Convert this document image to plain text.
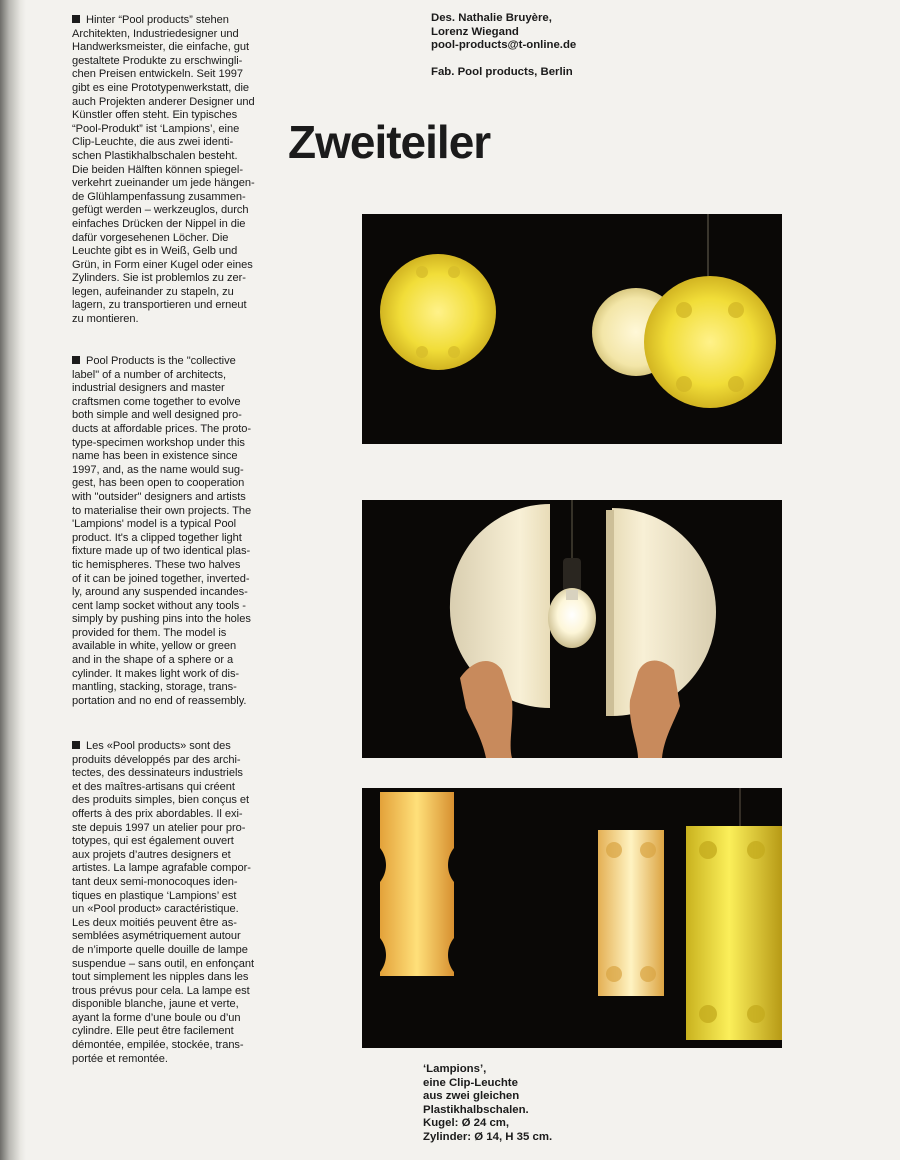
Hinter “Pool products” stehen
Architekten, Industriedesigner und
Handwerksmeister, die einfache, gut
gestaltete Produkte zu erschwingli-
chen Preisen entwickeln. Seit 1997
gibt es eine Prototypenwerkstatt, die
auch Projekten anderer Designer und
Künstler offen steht. Ein typisches
“Pool-Produkt” ist ‘Lampions’, eine
Clip-Leuchte, die aus zwei identi-
schen Plastikhalbschalen besteht.
Die beiden Hälften können spiegel-
verkehrt zueinander um jede hängen-
de Glühlampenfassung zusammen-
gefügt werden – werkzeuglos, durch
einfaches Drücken der Nippel in die
dafür vorgesehenen Löcher. Die
Leuchte gibt es in Weiß, Gelb und
Grün, in Form einer Kugel oder eines
Zylinders. Sie ist problemlos zu zer-
legen, aufeinander zu stapeln, zu
lagern, zu transportieren und erneut
zu montieren.

Pool Products is the "collective
label" of a number of architects,
industrial designers and master
craftsmen come together to evolve
both simple and well designed pro-
ducts at affordable prices. The proto-
type-specimen workshop under this
name has been in existence since
1997, and, as the name would sug-
gest, has been open to cooperation
with "outsider" designers and artists
to materialise their own projects. The
'Lampions' model is a typical Pool
product. It's a clipped together light
fixture made up of two identical plas-
tic hemispheres. These two halves
of it can be joined together, inverted-
ly, around any suspended incandes-
cent lamp socket without any tools -
simply by pushing pins into the holes
provided for them. The model is
available in white, yellow or green
and in the shape of a sphere or a
cylinder. It makes light work of dis-
mantling, stacking, storage, trans-
portation and no end of reassembly.

Les «Pool products» sont des
produits développés par des archi-
tectes, des dessinateurs industriels
et des maîtres-artisans qui créent
des produits simples, bien conçus et
offerts à des prix abordables. Il exi-
ste depuis 1997 un atelier pour pro-
totypes, qui est également ouvert
aux projets d’autres designers et
artistes. La lampe agrafable compor-
tant deux semi-monocoques iden-
tiques en plastique ‘Lampions’ est
un «Pool product» caractéristique.
Les deux moitiés peuvent être as-
semblées asymétriquement autour
de n’importe quelle douille de lampe
suspendue – sans outil, en enfonçant
tout simplement les nipples dans les
trous prévus pour cela. La lampe est
disponible blanche, jaune et verte,
ayant la forme d’une boule ou d’un
cylindre. Elle peut être facilement
démontée, empilée, stockée, trans-
portée et remontée.

Des. Nathalie Bruyère,
Lorenz Wiegand
pool-products@t-online.de
Fab. Pool products, Berlin
Zweiteiler
‘Lampions’,
eine Clip-Leuchte
aus zwei gleichen
Plastikhalbschalen.
Kugel: Ø 24 cm,
Zylinder: Ø 14, H 35 cm.
